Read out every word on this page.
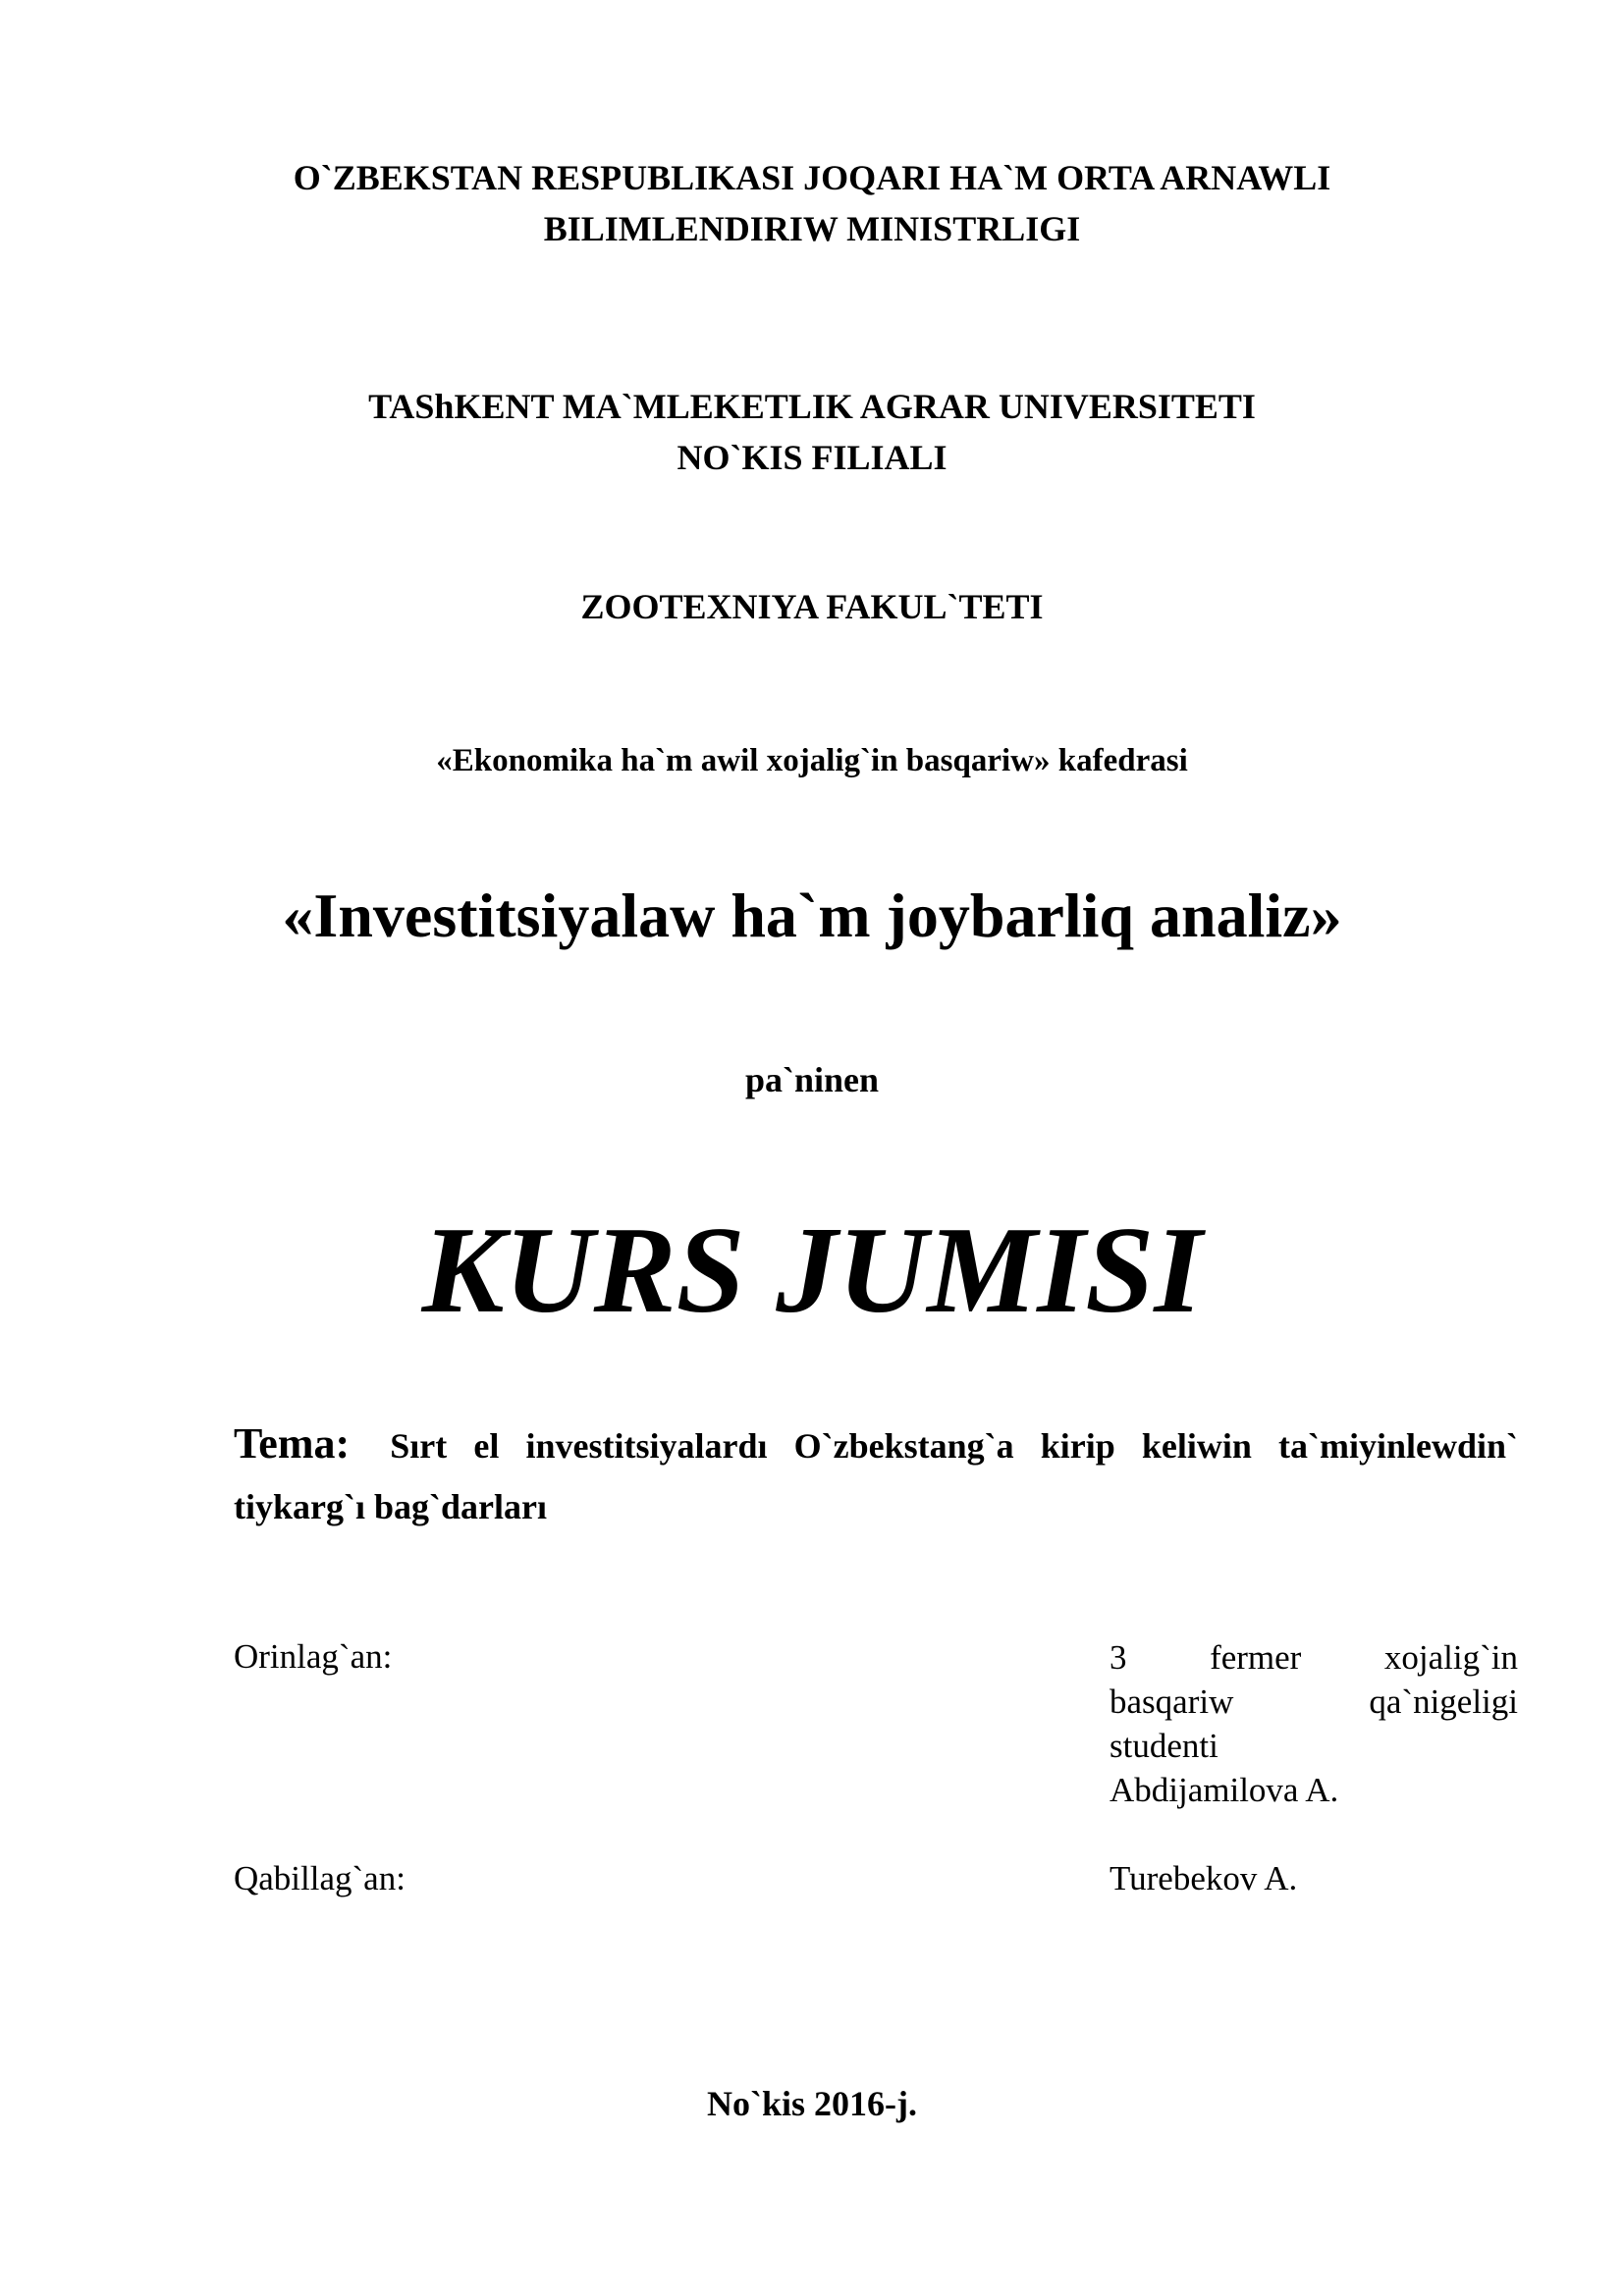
O`ZBEKSTAN RESPUBLIKASI JOQARI HA`M ORTA ARNAWLI
BILIMLENDIRIW MINISTRLIGI
TAShKENT MA`MLEKETLIK AGRAR UNIVERSITETI
NO`KIS FILIALI
ZOOTEXNIYA FAKUL`TETI
«Ekonomika ha`m awil xojalig`in basqariw» kafedrasi
«Investitsiyalaw ha`m joybarliq analiz»
pa`ninen
KURS JUMISI
Tema: Sırt el investitsiyalardı O`zbekstang`a kirip keliwin ta`miyinlewdin` tiykarg`ı bag`darları
Orinlag`an:	3 fermer xojalig`in
basqariw qa`nigeligi
studenti
Abdijamilova A.
Qabillag`an:	Turebekov A.
No`kis 2016-j.
